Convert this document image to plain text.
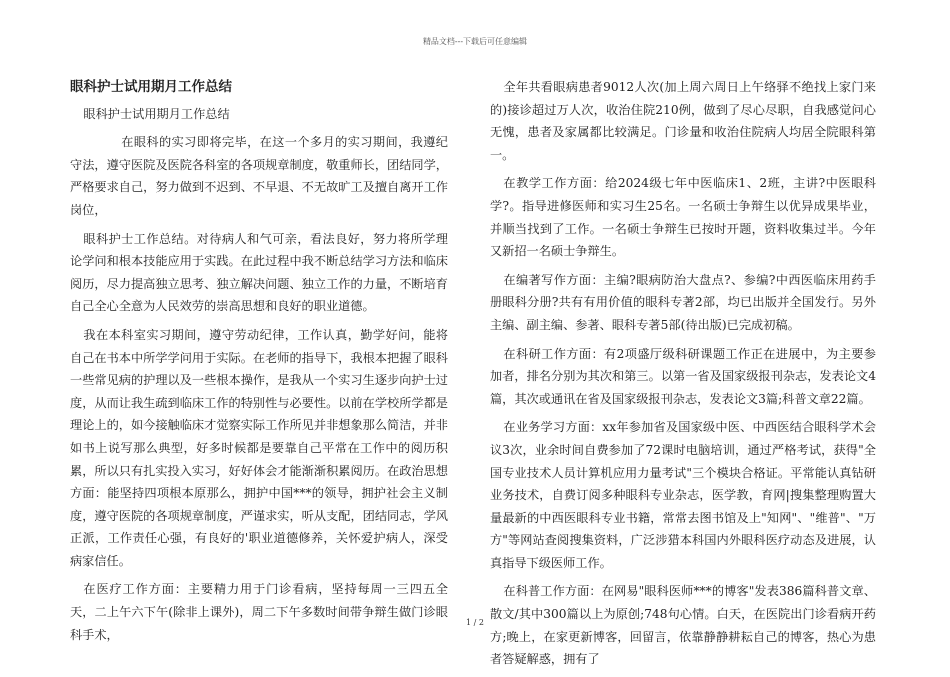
精品文档---下载后可任意编辑
眼科护士试用期月工作总结

眼科护士试用期月工作总结

在眼科的实习即将完毕，在这一个多月的实习期间，我遵纪守法，遵守医院及医院各科室的各项规章制度，敬重师长，团结同学，严格要求自己，努力做到不迟到、不早退、不无故旷工及擅自离开工作岗位，

眼科护士工作总结。对待病人和气可亲，看法良好，努力将所学理论学问和根本技能应用于实践。在此过程中我不断总结学习方法和临床阅历，尽力提高独立思考、独立解决问题、独立工作的力量，不断培育自己全心全意为人民效劳的崇高思想和良好的职业道德。

我在本科室实习期间，遵守劳动纪律，工作认真，勤学好问，能将自己在书本中所学学问用于实际。在老师的指导下，我根本把握了眼科一些常见病的护理以及一些根本操作，是我从一个实习生逐步向护士过度，从而让我生疏到临床工作的特别性与必要性。以前在学校所学都是理论上的，如今接触临床才觉察实际工作所见并非想象那么简洁，并非如书上说写那么典型，好多时候都是要靠自己平常在工作中的阅历积累，所以只有扎实投入实习，好好体会才能渐渐积累阅历。在政治思想方面：能坚持四项根本原那么，拥护中国***的领导，拥护社会主义制度，遵守医院的各项规章制度，严谨求实，听从支配，团结同志，学风正派，工作责任心强，有良好的'职业道德修养，关怀爱护病人，深受病家信任。

在医疗工作方面：主要精力用于门诊看病，坚持每周一三四五全天，二上午六下午(除非上课外)，周二下午多数时间带争辩生做门诊眼科手术，

全年共看眼病患者9012人次(加上周六周日上午络驿不绝找上家门来的)接诊超过万人次，收治住院210例，做到了尽心尽职，自我感觉问心无愧，患者及家属都比较满足。门诊量和收治住院病人均居全院眼科第一。

在教学工作方面：给2024级七年中医临床1、2班，主讲?中医眼科学?。指导进修医师和实习生25名。一名硕士争辩生以优异成果毕业，并顺当找到了工作。一名硕士争辩生已按时开题，资料收集过半。今年又新招一名硕士争辩生。

在编著写作方面：主编?眼病防治大盘点?、参编?中西医临床用药手册眼科分册?共有有用价值的眼科专著2部，均已出版并全国发行。另外主编、副主编、参著、眼科专著5部(待出版)已完成初稿。

在科研工作方面：有2项盛厅级科研课题工作正在进展中，为主要参加者，排名分别为其次和第三。以第一省及国家级报刊杂志，发表论文4篇，其次或通讯在省及国家级报刊杂志，发表论文3篇;科普文章22篇。

在业务学习方面：xx年参加省及国家级中医、中西医结合眼科学术会议3次，业余时间自费参加了72课时电脑培训，通过严格考试，获得"全国专业技术人员计算机应用力量考试"三个模块合格证。平常能认真钻研业务技术，自费订阅多种眼科专业杂志，医学教，育网|搜集整理购置大量最新的中西医眼科专业书籍，常常去图书馆及上"知网"、"维普"、"万方"等网站查阅搜集资料，广泛涉猎本科国内外眼科医疗动态及进展，认真指导下级医师工作。

在科普工作方面：在网易"眼科医师***的博客"发表386篇科普文章、散文/其中300篇以上为原创;748句心情。白天，在医院出门诊看病开药方;晚上，在家更新博客，回留言，依靠静静耕耘自己的博客，热心为患者答疑解惑，拥有了

1 / 2
